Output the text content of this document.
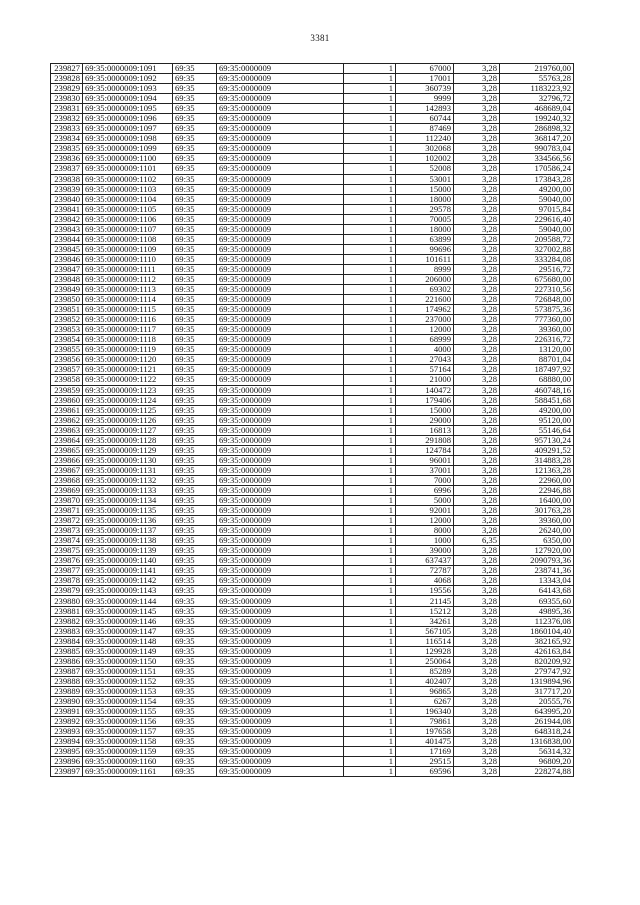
3381
239827	69:35:0000009:1091	69:35	69:35:0000009	1	67000	3,28	219760,00
239828	69:35:0000009:1092	69:35	69:35:0000009	1	17001	3,28	55763,28
239829	69:35:0000009:1093	69:35	69:35:0000009	1	360739	3,28	1183223,92
239830	69:35:0000009:1094	69:35	69:35:0000009	1	9999	3,28	32796,72
239831	69:35:0000009:1095	69:35	69:35:0000009	1	142893	3,28	468689,04
239832	69:35:0000009:1096	69:35	69:35:0000009	1	60744	3,28	199240,32
239833	69:35:0000009:1097	69:35	69:35:0000009	1	87469	3,28	286898,32
239834	69:35:0000009:1098	69:35	69:35:0000009	1	112240	3,28	368147,20
239835	69:35:0000009:1099	69:35	69:35:0000009	1	302068	3,28	990783,04
239836	69:35:0000009:1100	69:35	69:35:0000009	1	102002	3,28	334566,56
239837	69:35:0000009:1101	69:35	69:35:0000009	1	52008	3,28	170586,24
239838	69:35:0000009:1102	69:35	69:35:0000009	1	53001	3,28	173843,28
239839	69:35:0000009:1103	69:35	69:35:0000009	1	15000	3,28	49200,00
239840	69:35:0000009:1104	69:35	69:35:0000009	1	18000	3,28	59040,00
239841	69:35:0000009:1105	69:35	69:35:0000009	1	29578	3,28	97015,84
239842	69:35:0000009:1106	69:35	69:35:0000009	1	70005	3,28	229616,40
239843	69:35:0000009:1107	69:35	69:35:0000009	1	18000	3,28	59040,00
239844	69:35:0000009:1108	69:35	69:35:0000009	1	63899	3,28	209588,72
239845	69:35:0000009:1109	69:35	69:35:0000009	1	99696	3,28	327002,88
239846	69:35:0000009:1110	69:35	69:35:0000009	1	101611	3,28	333284,08
239847	69:35:0000009:1111	69:35	69:35:0000009	1	8999	3,28	29516,72
239848	69:35:0000009:1112	69:35	69:35:0000009	1	206000	3,28	675680,00
239849	69:35:0000009:1113	69:35	69:35:0000009	1	69302	3,28	227310,56
239850	69:35:0000009:1114	69:35	69:35:0000009	1	221600	3,28	726848,00
239851	69:35:0000009:1115	69:35	69:35:0000009	1	174962	3,28	573875,36
239852	69:35:0000009:1116	69:35	69:35:0000009	1	237000	3,28	777360,00
239853	69:35:0000009:1117	69:35	69:35:0000009	1	12000	3,28	39360,00
239854	69:35:0000009:1118	69:35	69:35:0000009	1	68999	3,28	226316,72
239855	69:35:0000009:1119	69:35	69:35:0000009	1	4000	3,28	13120,00
239856	69:35:0000009:1120	69:35	69:35:0000009	1	27043	3,28	88701,04
239857	69:35:0000009:1121	69:35	69:35:0000009	1	57164	3,28	187497,92
239858	69:35:0000009:1122	69:35	69:35:0000009	1	21000	3,28	68880,00
239859	69:35:0000009:1123	69:35	69:35:0000009	1	140472	3,28	460748,16
239860	69:35:0000009:1124	69:35	69:35:0000009	1	179406	3,28	588451,68
239861	69:35:0000009:1125	69:35	69:35:0000009	1	15000	3,28	49200,00
239862	69:35:0000009:1126	69:35	69:35:0000009	1	29000	3,28	95120,00
239863	69:35:0000009:1127	69:35	69:35:0000009	1	16813	3,28	55146,64
239864	69:35:0000009:1128	69:35	69:35:0000009	1	291808	3,28	957130,24
239865	69:35:0000009:1129	69:35	69:35:0000009	1	124784	3,28	409291,52
239866	69:35:0000009:1130	69:35	69:35:0000009	1	96001	3,28	314883,28
239867	69:35:0000009:1131	69:35	69:35:0000009	1	37001	3,28	121363,28
239868	69:35:0000009:1132	69:35	69:35:0000009	1	7000	3,28	22960,00
239869	69:35:0000009:1133	69:35	69:35:0000009	1	6996	3,28	22946,88
239870	69:35:0000009:1134	69:35	69:35:0000009	1	5000	3,28	16400,00
239871	69:35:0000009:1135	69:35	69:35:0000009	1	92001	3,28	301763,28
239872	69:35:0000009:1136	69:35	69:35:0000009	1	12000	3,28	39360,00
239873	69:35:0000009:1137	69:35	69:35:0000009	1	8000	3,28	26240,00
239874	69:35:0000009:1138	69:35	69:35:0000009	1	1000	6,35	6350,00
239875	69:35:0000009:1139	69:35	69:35:0000009	1	39000	3,28	127920,00
239876	69:35:0000009:1140	69:35	69:35:0000009	1	637437	3,28	2090793,36
239877	69:35:0000009:1141	69:35	69:35:0000009	1	72787	3,28	238741,36
239878	69:35:0000009:1142	69:35	69:35:0000009	1	4068	3,28	13343,04
239879	69:35:0000009:1143	69:35	69:35:0000009	1	19556	3,28	64143,68
239880	69:35:0000009:1144	69:35	69:35:0000009	1	21145	3,28	69355,60
239881	69:35:0000009:1145	69:35	69:35:0000009	1	15212	3,28	49895,36
239882	69:35:0000009:1146	69:35	69:35:0000009	1	34261	3,28	112376,08
239883	69:35:0000009:1147	69:35	69:35:0000009	1	567105	3,28	1860104,40
239884	69:35:0000009:1148	69:35	69:35:0000009	1	116514	3,28	382165,92
239885	69:35:0000009:1149	69:35	69:35:0000009	1	129928	3,28	426163,84
239886	69:35:0000009:1150	69:35	69:35:0000009	1	250064	3,28	820209,92
239887	69:35:0000009:1151	69:35	69:35:0000009	1	85289	3,28	279747,92
239888	69:35:0000009:1152	69:35	69:35:0000009	1	402407	3,28	1319894,96
239889	69:35:0000009:1153	69:35	69:35:0000009	1	96865	3,28	317717,20
239890	69:35:0000009:1154	69:35	69:35:0000009	1	6267	3,28	20555,76
239891	69:35:0000009:1155	69:35	69:35:0000009	1	196340	3,28	643995,20
239892	69:35:0000009:1156	69:35	69:35:0000009	1	79861	3,28	261944,08
239893	69:35:0000009:1157	69:35	69:35:0000009	1	197658	3,28	648318,24
239894	69:35:0000009:1158	69:35	69:35:0000009	1	401475	3,28	1316838,00
239895	69:35:0000009:1159	69:35	69:35:0000009	1	17169	3,28	56314,32
239896	69:35:0000009:1160	69:35	69:35:0000009	1	29515	3,28	96809,20
239897	69:35:0000009:1161	69:35	69:35:0000009	1	69596	3,28	228274,88
